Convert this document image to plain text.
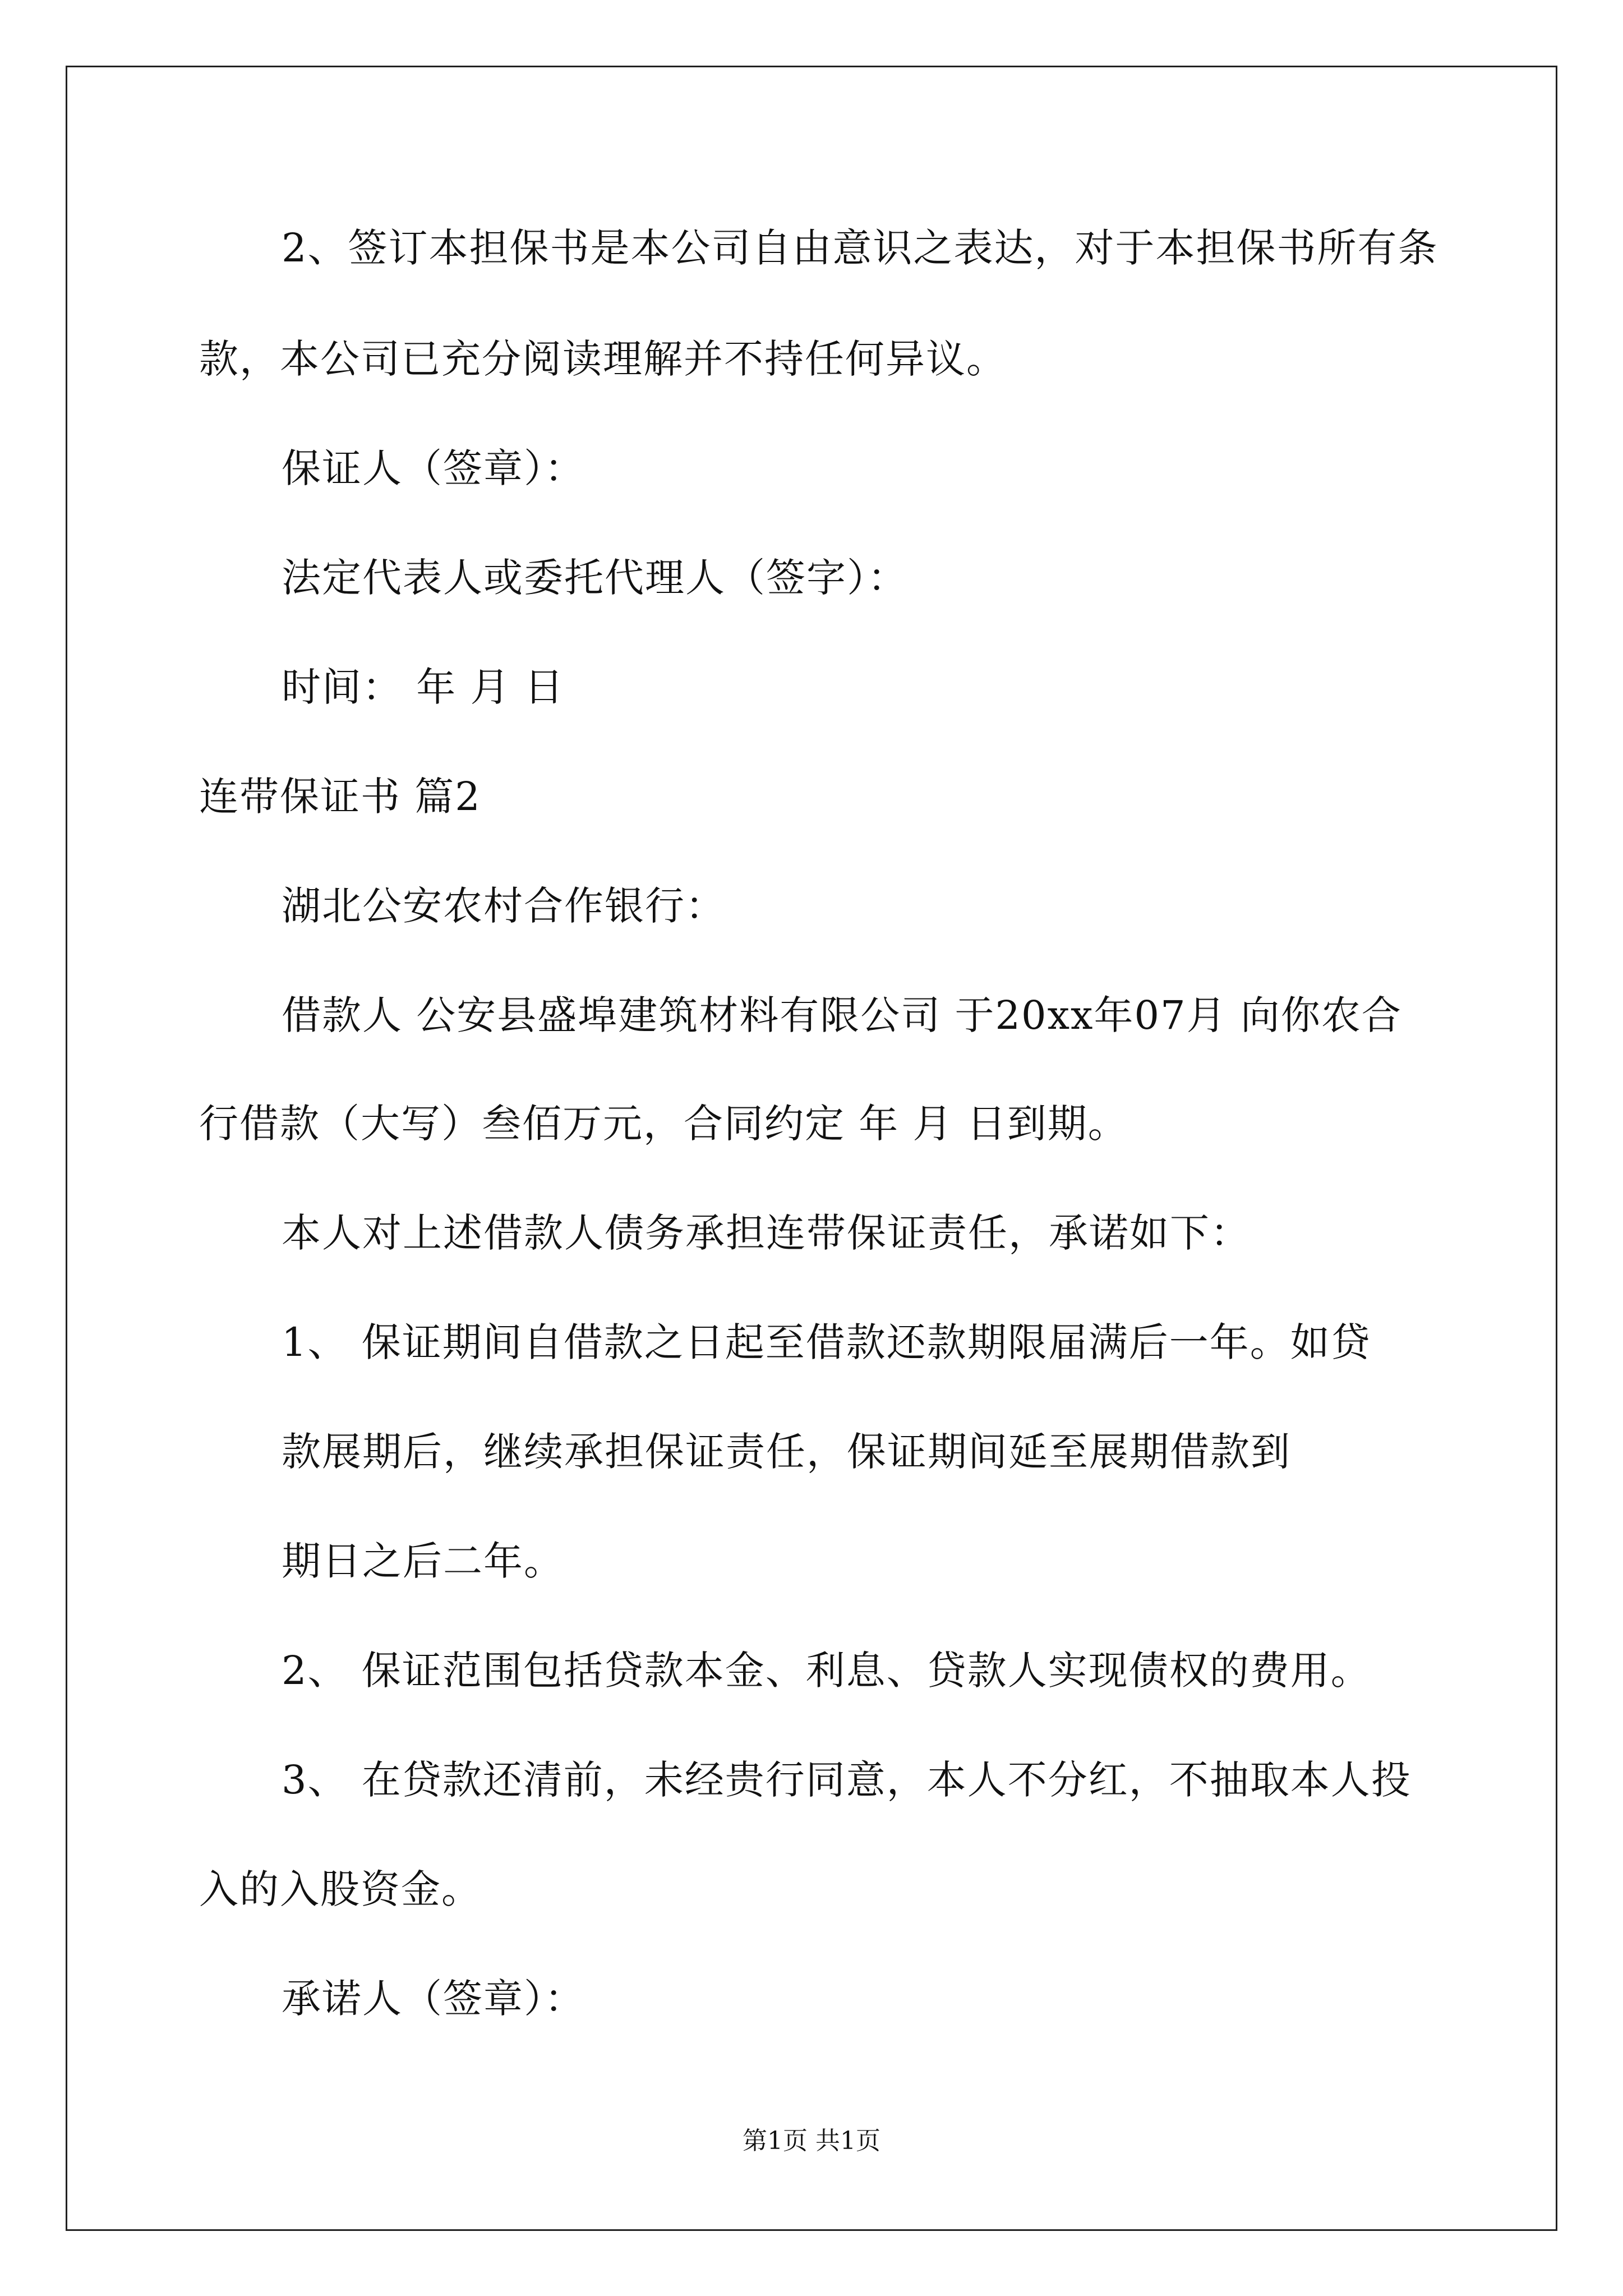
2、签订本担保书是本公司自由意识之表达，对于本担保书所有条
款，本公司已充分阅读理解并不持任何异议。
保证人（签章）：
法定代表人或委托代理人（签字）：
时间： 年 月 日
连带保证书 篇2
湖北公安农村合作银行：
借款人 公安县盛埠建筑材料有限公司 于20xx年07月 向你农合
行借款（大写）叁佰万元，合同约定 年 月 日到期。
本人对上述借款人债务承担连带保证责任，承诺如下：
1、 保证期间自借款之日起至借款还款期限届满后一年。如贷
款展期后，继续承担保证责任，保证期间延至展期借款到
期日之后二年。
2、 保证范围包括贷款本金、利息、贷款人实现债权的费用。
3、 在贷款还清前，未经贵行同意，本人不分红，不抽取本人投
入的入股资金。
承诺人（签章）：
第1页 共1页
